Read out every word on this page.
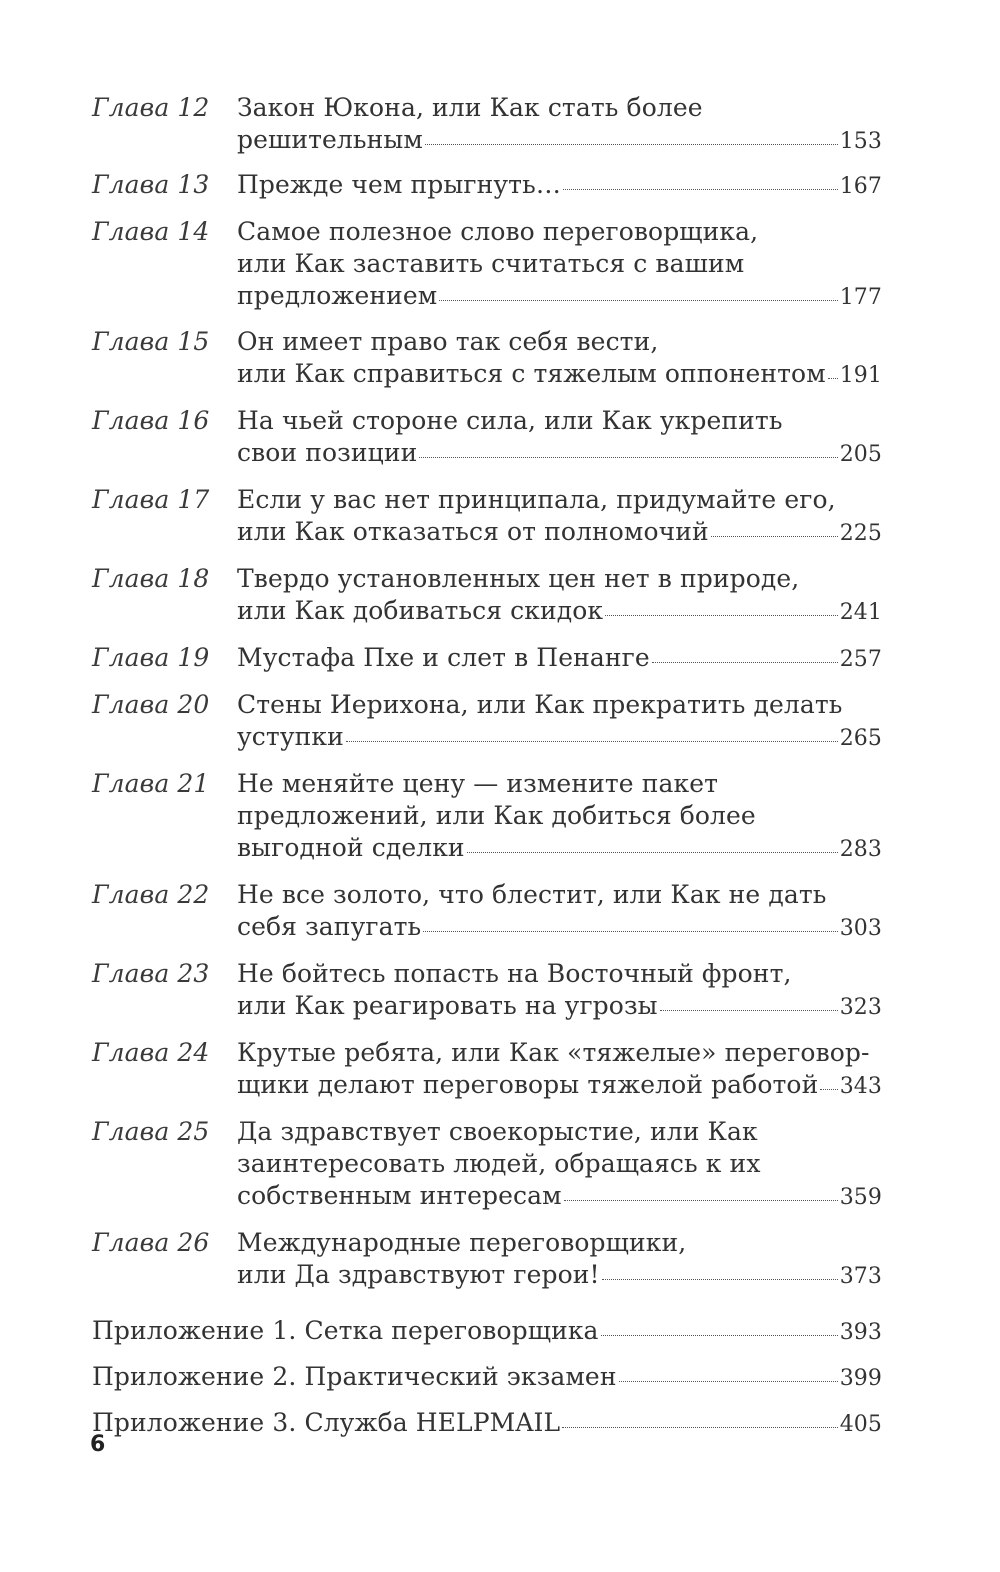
Глава 12	Закон Юкона, или Как стать более
решительным	153
Глава 13	Прежде чем прыгнуть…	167
Глава 14	Самое полезное слово переговорщика,
или Как заставить считаться с вашим
предложением	177
Глава 15	Он имеет право так себя вести,
или Как справиться с тяжелым оппонентом 191
Глава 16	На чьей стороне сила, или Как укрепить
свои позиции	205
Глава 17	Если у вас нет принципала, придумайте его,
или Как отказаться от полномочий	225
Глава 18	Твердо установленных цен нет в природе,
или Как добиваться скидок	241
Глава 19	Мустафа Пхе и слет в Пенанге	257
Глава 20	Стены Иерихона, или Как прекратить делать
уступки	265
Глава 21	Не меняйте цену — измените пакет
предложений, или Как добиться более
выгодной сделки	283
Глава 22	Не все золото, что блестит, или Как не дать
себя запугать	303
Глава 23	Не бойтесь попасть на Восточный фронт,
или Как реагировать на угрозы	323
Глава 24	Крутые ребята, или Как «тяжелые» переговор-
щики делают переговоры тяжелой работой 343
Глава 25	Да здравствует своекорыстие, или Как
заинтересовать людей, обращаясь к их
собственным интересам	359
Глава 26	Международные переговорщики,
или Да здравствуют герои!	373
Приложение 1. Сетка переговорщика	393
Приложение 2. Практический экзамен	399
Приложение 3. Служба HELPMAIL	405
6
